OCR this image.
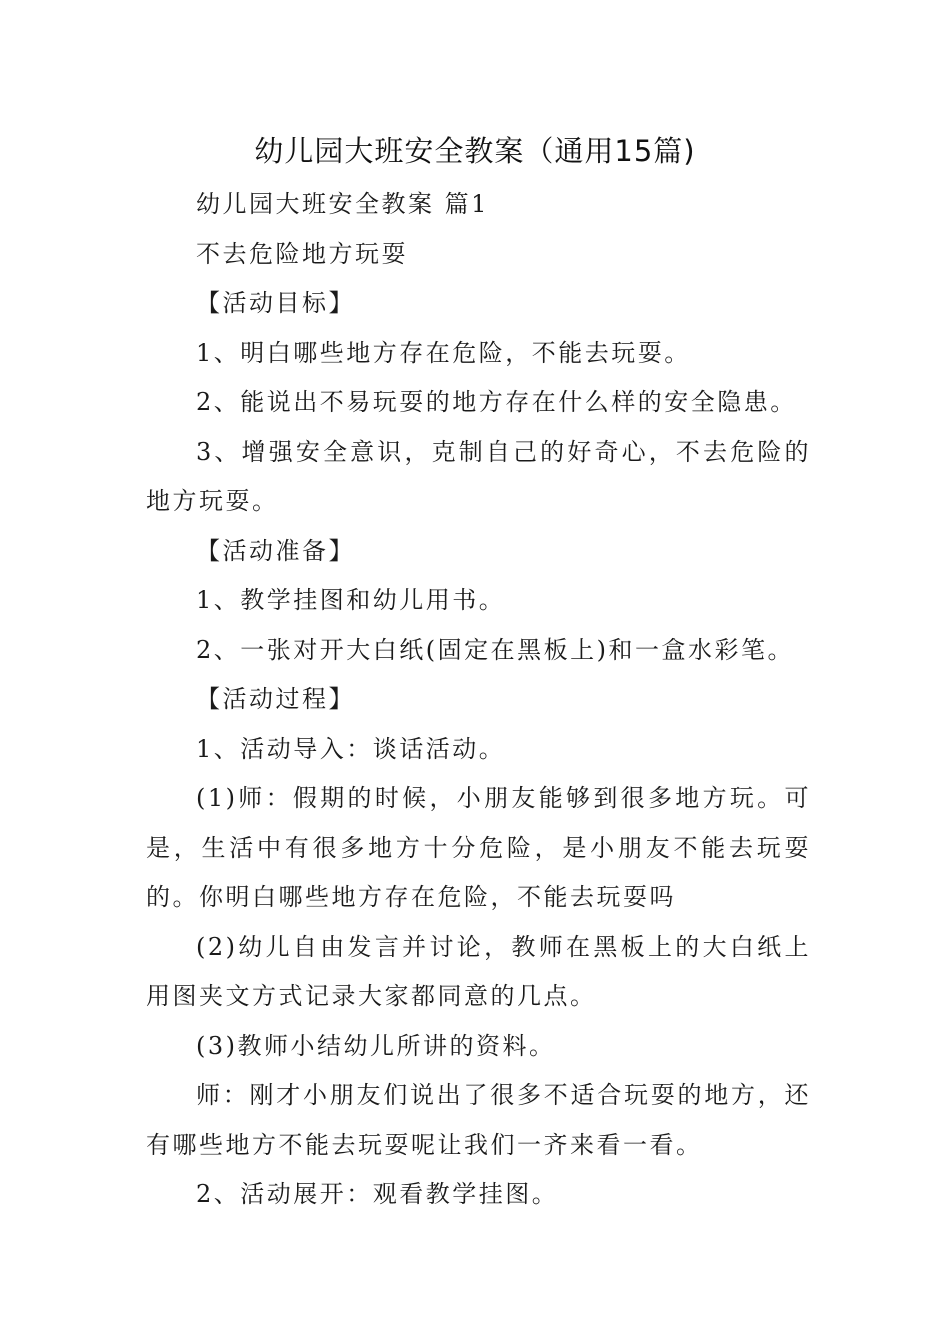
幼儿园大班安全教案（通用15篇)

幼儿园大班安全教案 篇1

不去危险地方玩耍

【活动目标】

1、明白哪些地方存在危险，不能去玩耍。

2、能说出不易玩耍的地方存在什么样的安全隐患。

3、增强安全意识，克制自己的好奇心，不去危险的地方玩耍。

【活动准备】

1、教学挂图和幼儿用书。

2、一张对开大白纸(固定在黑板上)和一盒水彩笔。

【活动过程】

1、活动导入：谈话活动。

(1)师：假期的时候，小朋友能够到很多地方玩。可是，生活中有很多地方十分危险，是小朋友不能去玩耍的。你明白哪些地方存在危险，不能去玩耍吗

(2)幼儿自由发言并讨论，教师在黑板上的大白纸上用图夹文方式记录大家都同意的几点。

(3)教师小结幼儿所讲的资料。

师：刚才小朋友们说出了很多不适合玩耍的地方，还有哪些地方不能去玩耍呢让我们一齐来看一看。

2、活动展开：观看教学挂图。
